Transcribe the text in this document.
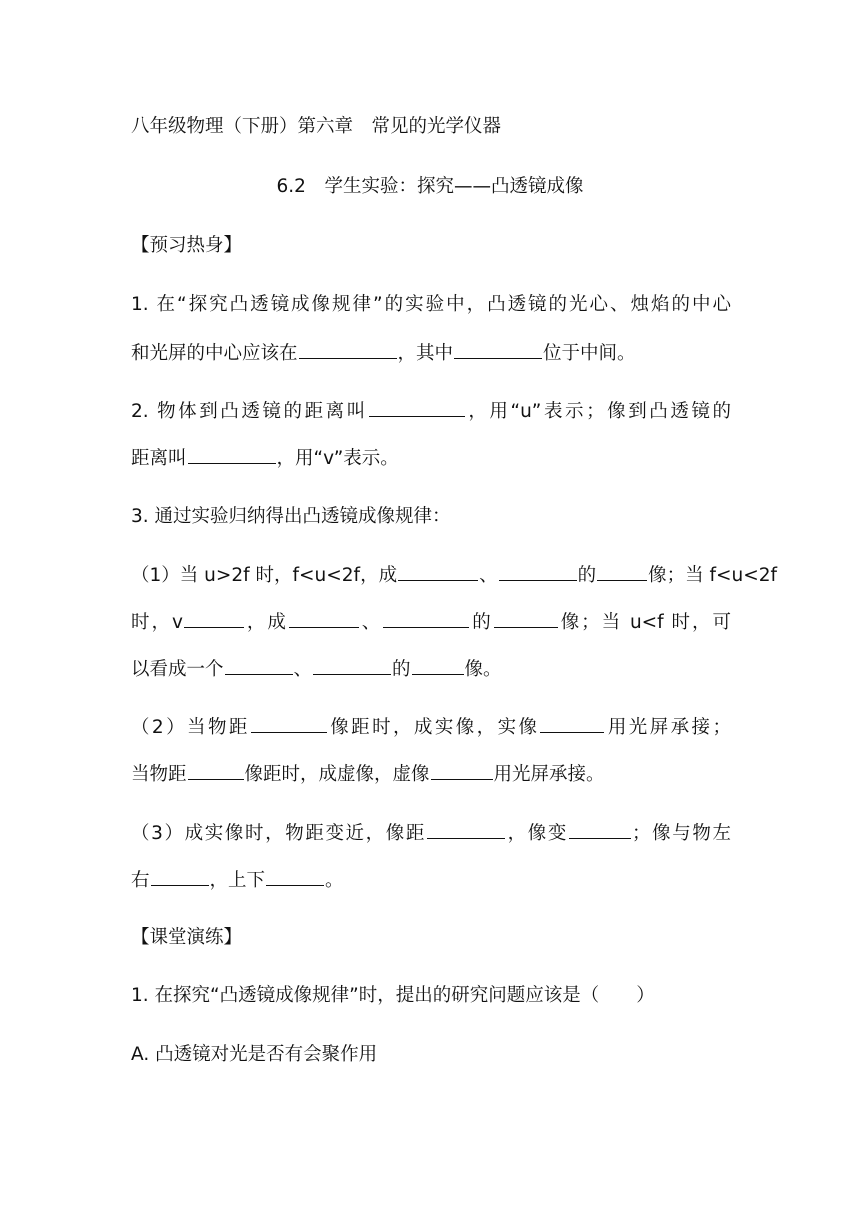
八年级物理（下册）第六章　常见的光学仪器
6.2　学生实验：探究——凸透镜成像
【预习热身】
1. 在“探究凸透镜成像规律”的实验中，凸透镜的光心、烛焰的中心
和光屏的中心应该在	，其中	位于中间。
2. 物体到凸透镜的距离叫	，用“u”表示；像到凸透镜的
距离叫	，用“v”表示。
3. 通过实验归纳得出凸透镜成像规律：
（1）当 u>2f 时，f<u<2f，成	、	的	像；当 f<u<2f
时，v	，成	、	的	像；当 u<f 时，可
以看成一个	、	的	像。
（2）当物距	像距时，成实像，实像	用光屏承接；
当物距	像距时，成虚像，虚像	用光屏承接。
（3）成实像时，物距变近，像距	，像变	；像与物左
右	，上下	。
【课堂演练】
1. 在探究“凸透镜成像规律”时，提出的研究问题应该是（　　）
A. 凸透镜对光是否有会聚作用
